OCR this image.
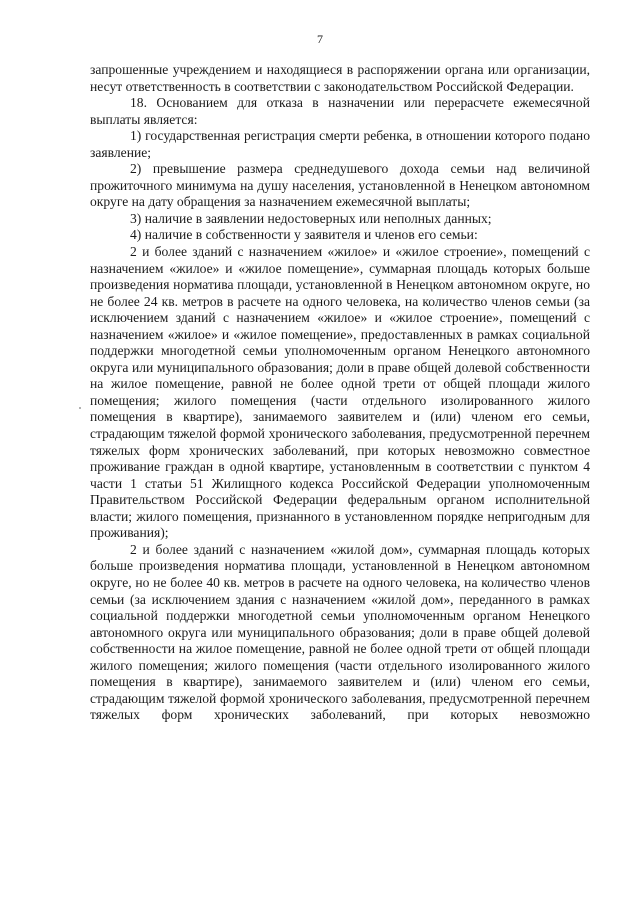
7

запрошенные учреждением и находящиеся в распоряжении органа или организации, несут ответственность в соответствии с законодательством Российской Федерации.

18. Основанием для отказа в назначении или перерасчете ежемесячной выплаты является:

1) государственная регистрация смерти ребенка, в отношении которого подано заявление;

2) превышение размера среднедушевого дохода семьи над величиной прожиточного минимума на душу населения, установленной в Ненецком автономном округе на дату обращения за назначением ежемесячной выплаты;

3) наличие в заявлении недостоверных или неполных данных;

4) наличие в собственности у заявителя и членов его семьи:

2 и более зданий с назначением «жилое» и «жилое строение», помещений с назначением «жилое» и «жилое помещение», суммарная площадь которых больше произведения норматива площади, установленной в Ненецком автономном округе, но не более 24 кв. метров в расчете на одного человека, на количество членов семьи (за исключением зданий с назначением «жилое» и «жилое строение», помещений с назначением «жилое» и «жилое помещение», предоставленных в рамках социальной поддержки многодетной семьи уполномоченным органом Ненецкого автономного округа или муниципального образования; доли в праве общей долевой собственности на жилое помещение, равной не более одной трети от общей площади жилого помещения; жилого помещения (части отдельного изолированного жилого помещения в квартире), занимаемого заявителем и (или) членом его семьи, страдающим тяжелой формой хронического заболевания, предусмотренной перечнем тяжелых форм хронических заболеваний, при которых невозможно совместное проживание граждан в одной квартире, установленным в соответствии с пунктом 4 части 1 статьи 51 Жилищного кодекса Российской Федерации уполномоченным Правительством Российской Федерации федеральным органом исполнительной власти; жилого помещения, признанного в установленном порядке непригодным для проживания);

2 и более зданий с назначением «жилой дом», суммарная площадь которых больше произведения норматива площади, установленной в Ненецком автономном округе, но не более 40 кв. метров в расчете на одного человека, на количество членов семьи (за исключением здания с назначением «жилой дом», переданного в рамках социальной поддержки многодетной семьи уполномоченным органом Ненецкого автономного округа или муниципального образования; доли в праве общей долевой собственности на жилое помещение, равной не более одной трети от общей площади жилого помещения; жилого помещения (части отдельного изолированного жилого помещения в квартире), занимаемого заявителем и (или) членом его семьи, страдающим тяжелой формой хронического заболевания, предусмотренной перечнем тяжелых форм хронических заболеваний, при которых невозможно
